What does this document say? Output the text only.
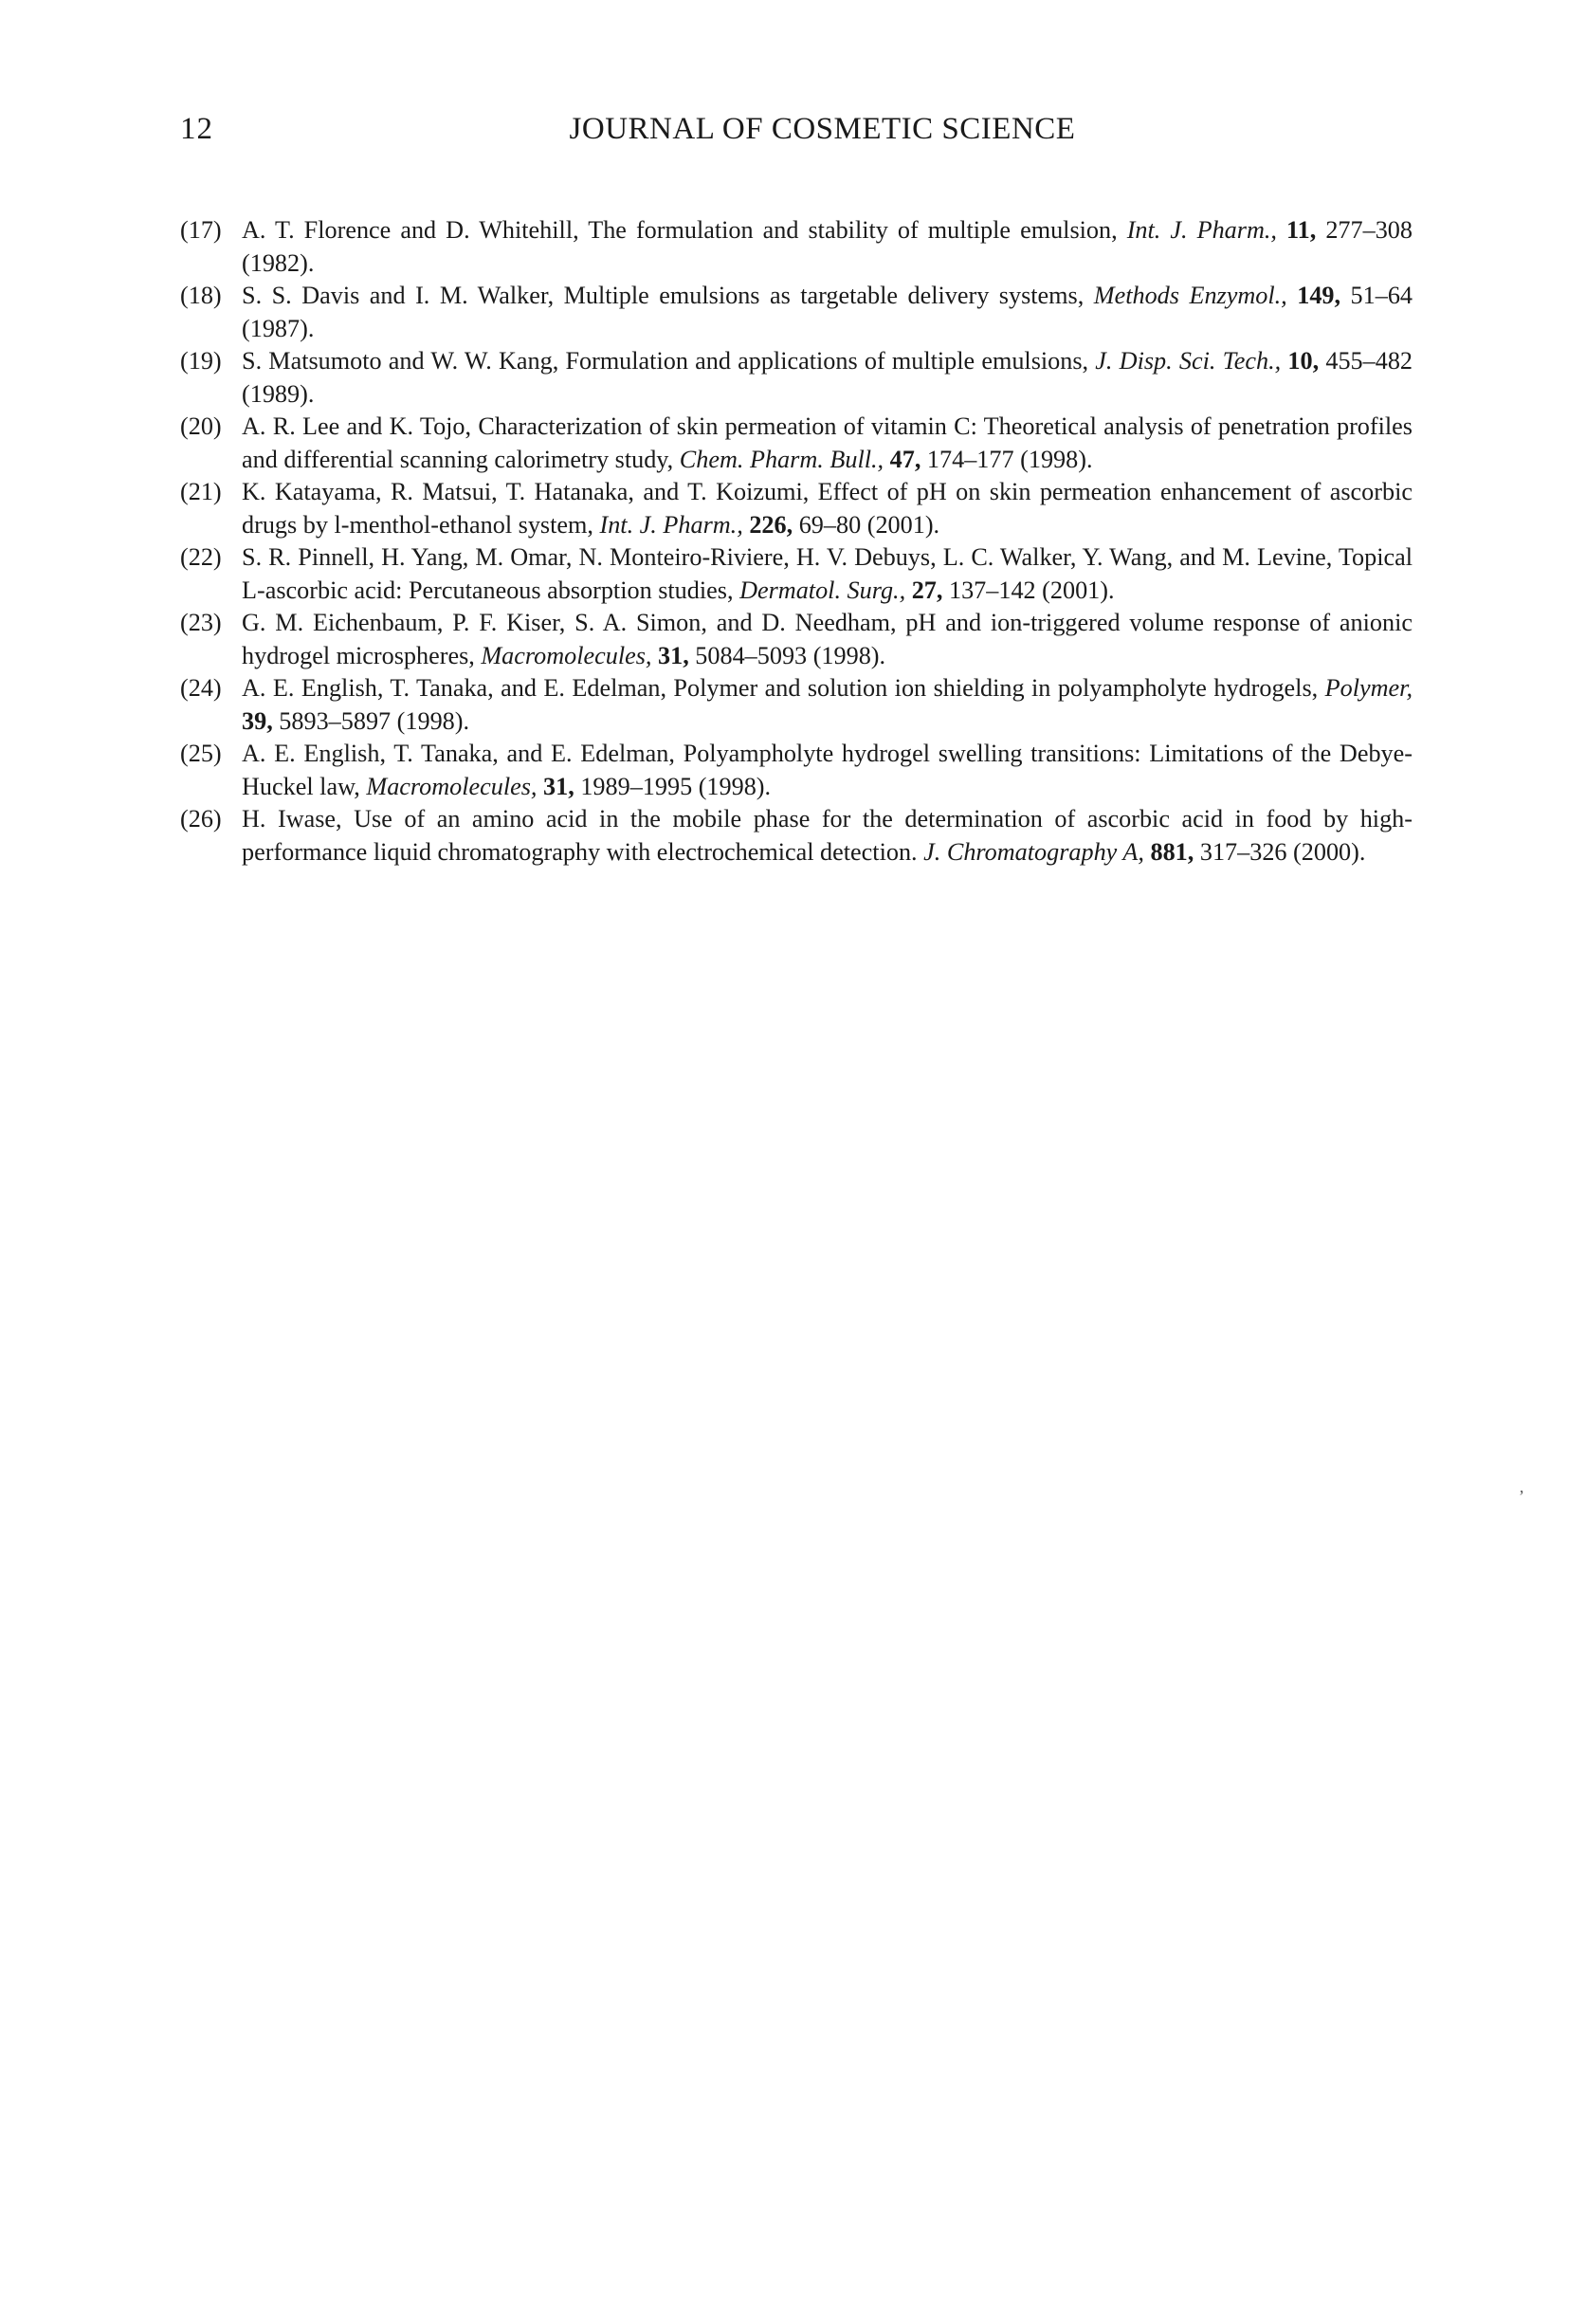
12	JOURNAL OF COSMETIC SCIENCE
(17) A. T. Florence and D. Whitehill, The formulation and stability of multiple emulsion, Int. J. Pharm., 11, 277–308 (1982).
(18) S. S. Davis and I. M. Walker, Multiple emulsions as targetable delivery systems, Methods Enzymol., 149, 51–64 (1987).
(19) S. Matsumoto and W. W. Kang, Formulation and applications of multiple emulsions, J. Disp. Sci. Tech., 10, 455–482 (1989).
(20) A. R. Lee and K. Tojo, Characterization of skin permeation of vitamin C: Theoretical analysis of penetration profiles and differential scanning calorimetry study, Chem. Pharm. Bull., 47, 174–177 (1998).
(21) K. Katayama, R. Matsui, T. Hatanaka, and T. Koizumi, Effect of pH on skin permeation enhancement of ascorbic drugs by l-menthol-ethanol system, Int. J. Pharm., 226, 69–80 (2001).
(22) S. R. Pinnell, H. Yang, M. Omar, N. Monteiro-Riviere, H. V. Debuys, L. C. Walker, Y. Wang, and M. Levine, Topical L-ascorbic acid: Percutaneous absorption studies, Dermatol. Surg., 27, 137–142 (2001).
(23) G. M. Eichenbaum, P. F. Kiser, S. A. Simon, and D. Needham, pH and ion-triggered volume response of anionic hydrogel microspheres, Macromolecules, 31, 5084–5093 (1998).
(24) A. E. English, T. Tanaka, and E. Edelman, Polymer and solution ion shielding in polyampholyte hydrogels, Polymer, 39, 5893–5897 (1998).
(25) A. E. English, T. Tanaka, and E. Edelman, Polyampholyte hydrogel swelling transitions: Limitations of the Debye-Huckel law, Macromolecules, 31, 1989–1995 (1998).
(26) H. Iwase, Use of an amino acid in the mobile phase for the determination of ascorbic acid in food by high-performance liquid chromatography with electrochemical detection. J. Chromatography A, 881, 317–326 (2000).
ʼ
